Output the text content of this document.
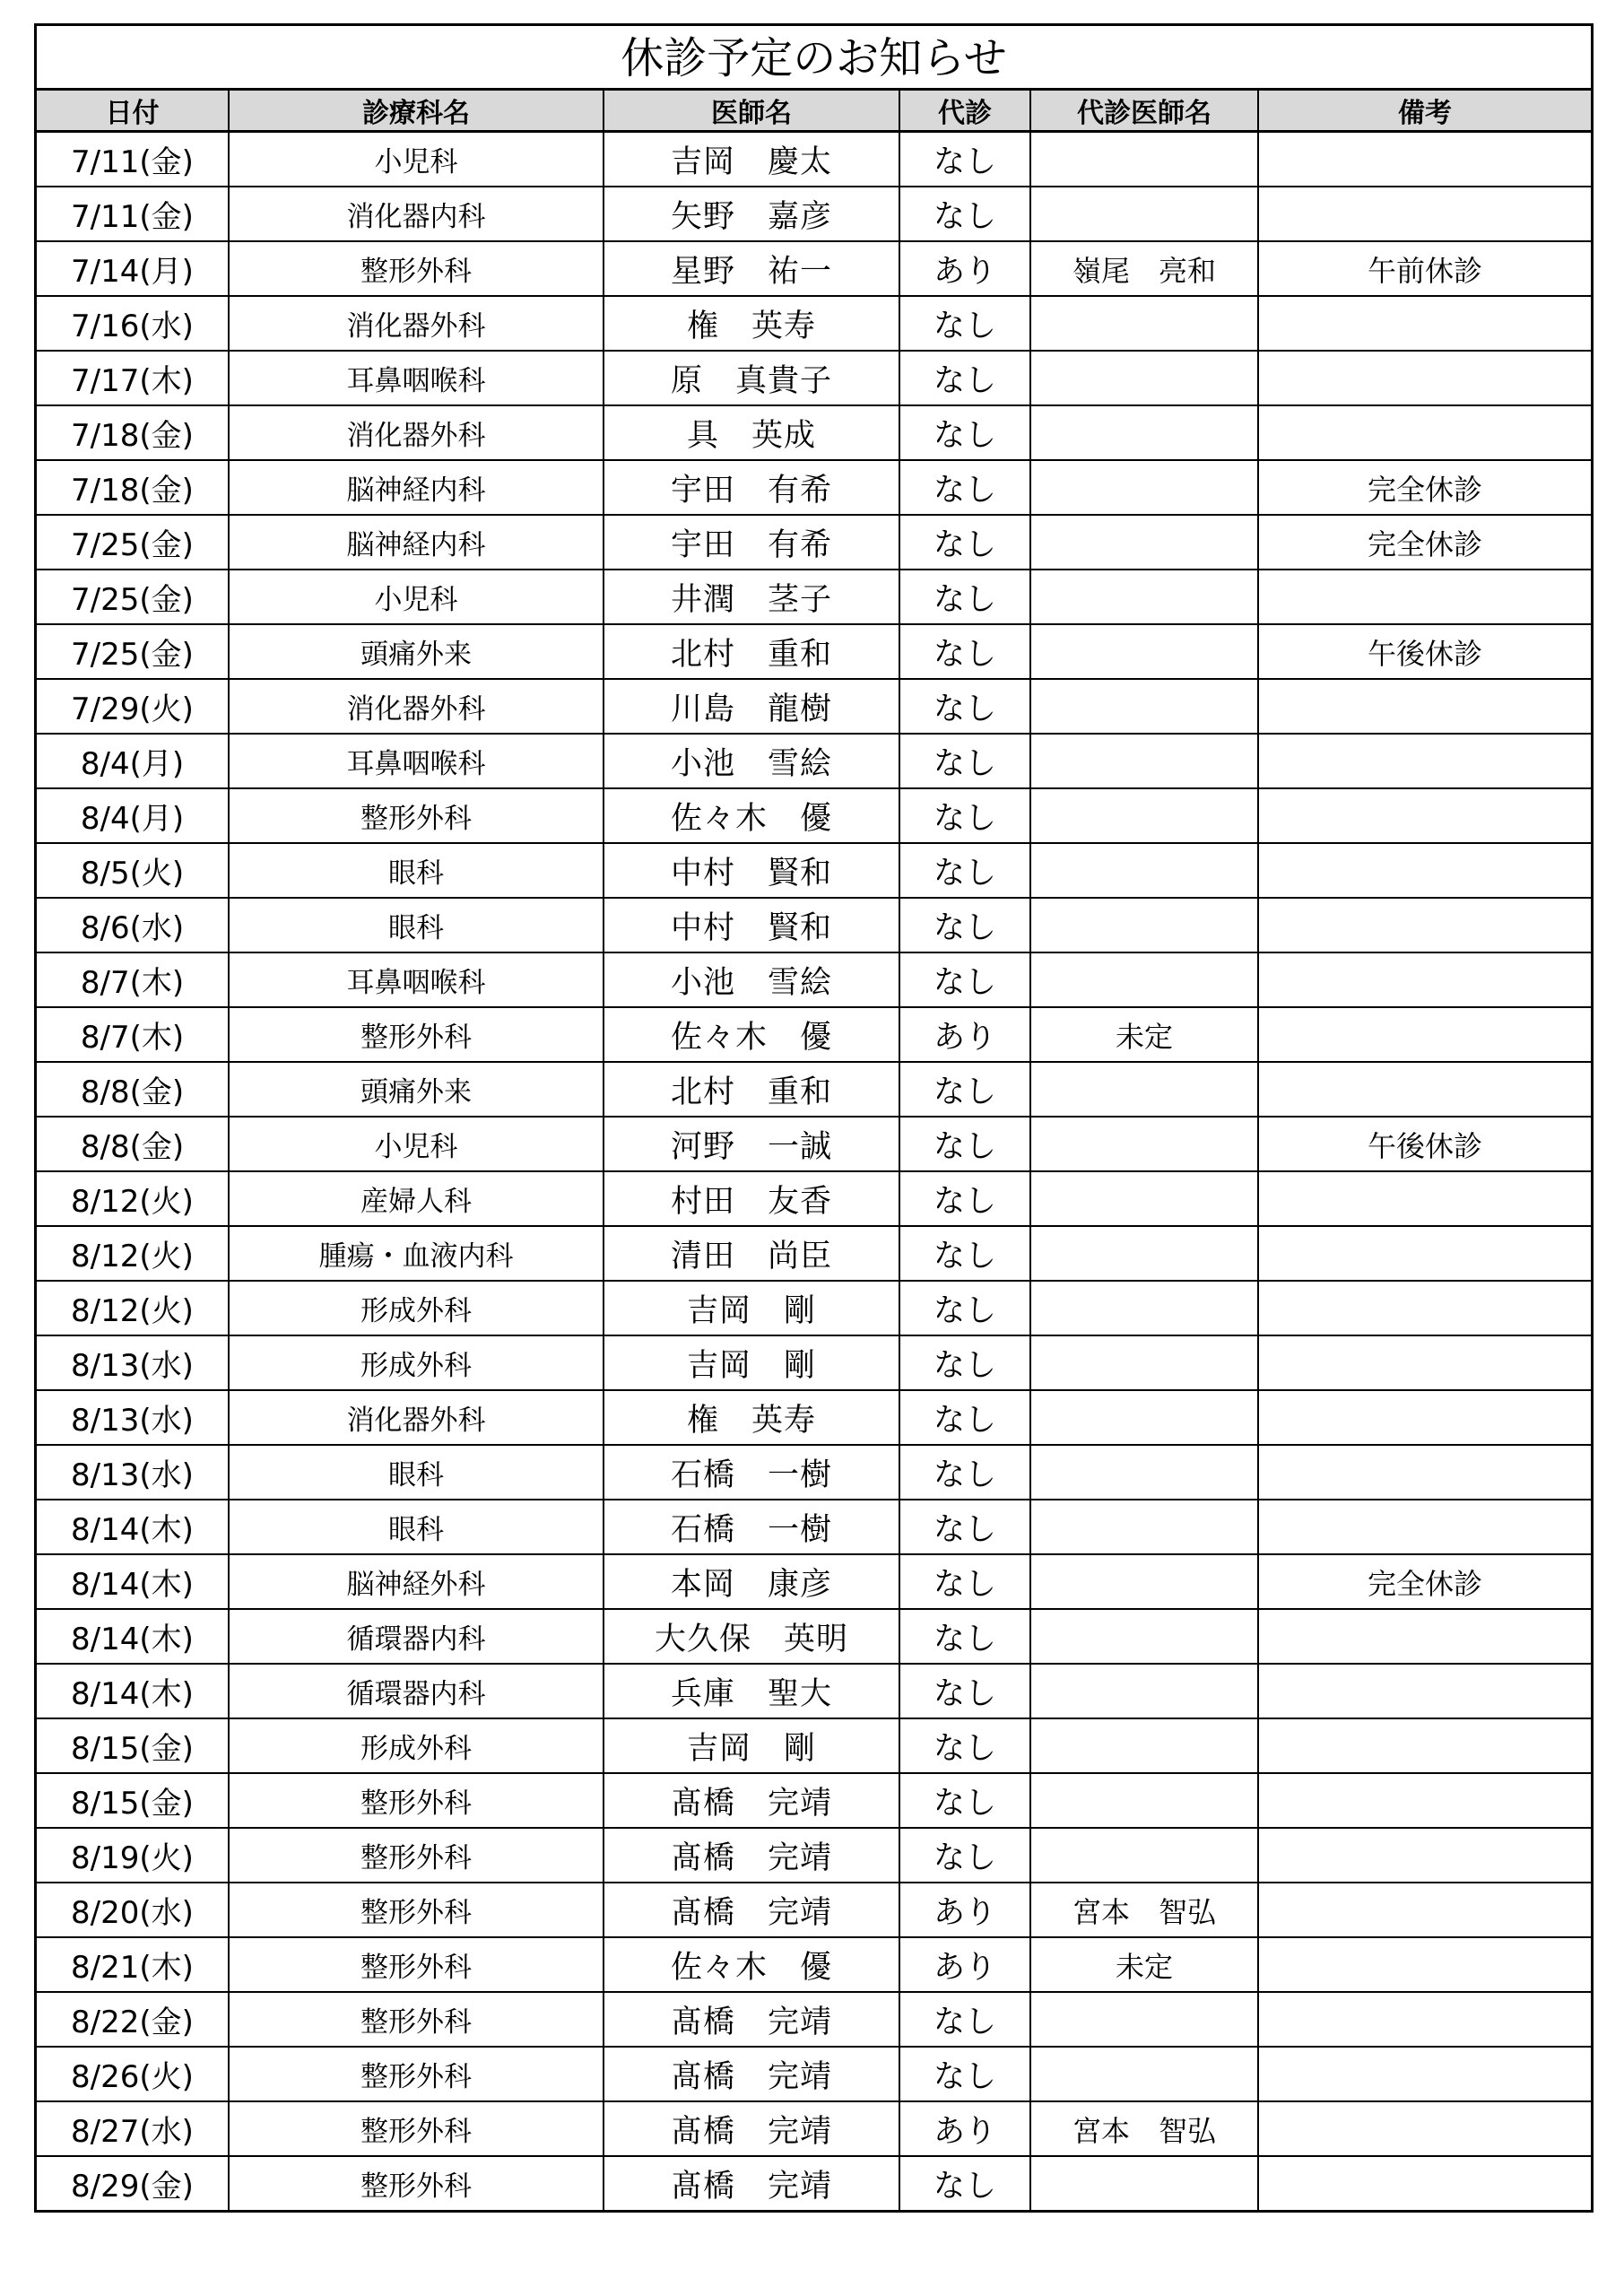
休診予定のお知らせ
日付	診療科名	医師名	代診	代診医師名	備考
7/11(金)	小児科	吉岡　慶太	なし		
7/11(金)	消化器内科	矢野　嘉彦	なし		
7/14(月)	整形外科	星野　祐一	あり	嶺尾　亮和	午前休診
7/16(水)	消化器外科	権　英寿	なし		
7/17(木)	耳鼻咽喉科	原　真貴子	なし		
7/18(金)	消化器外科	具　英成	なし		
7/18(金)	脳神経内科	宇田　有希	なし		完全休診
7/25(金)	脳神経内科	宇田　有希	なし		完全休診
7/25(金)	小児科	井潤　茎子	なし		
7/25(金)	頭痛外来	北村　重和	なし		午後休診
7/29(火)	消化器外科	川島　龍樹	なし		
8/4(月)	耳鼻咽喉科	小池　雪絵	なし		
8/4(月)	整形外科	佐々木　優	なし		
8/5(火)	眼科	中村　賢和	なし		
8/6(水)	眼科	中村　賢和	なし		
8/7(木)	耳鼻咽喉科	小池　雪絵	なし		
8/7(木)	整形外科	佐々木　優	あり	未定	
8/8(金)	頭痛外来	北村　重和	なし		
8/8(金)	小児科	河野　一誠	なし		午後休診
8/12(火)	産婦人科	村田　友香	なし		
8/12(火)	腫瘍・血液内科	清田　尚臣	なし		
8/12(火)	形成外科	吉岡　剛	なし		
8/13(水)	形成外科	吉岡　剛	なし		
8/13(水)	消化器外科	権　英寿	なし		
8/13(水)	眼科	石橋　一樹	なし		
8/14(木)	眼科	石橋　一樹	なし		
8/14(木)	脳神経外科	本岡　康彦	なし		完全休診
8/14(木)	循環器内科	大久保　英明	なし		
8/14(木)	循環器内科	兵庫　聖大	なし		
8/15(金)	形成外科	吉岡　剛	なし		
8/15(金)	整形外科	髙橋　完靖	なし		
8/19(火)	整形外科	髙橋　完靖	なし		
8/20(水)	整形外科	髙橋　完靖	あり	宮本　智弘	
8/21(木)	整形外科	佐々木　優	あり	未定	
8/22(金)	整形外科	髙橋　完靖	なし		
8/26(火)	整形外科	髙橋　完靖	なし		
8/27(水)	整形外科	髙橋　完靖	あり	宮本　智弘	
8/29(金)	整形外科	髙橋　完靖	なし		
